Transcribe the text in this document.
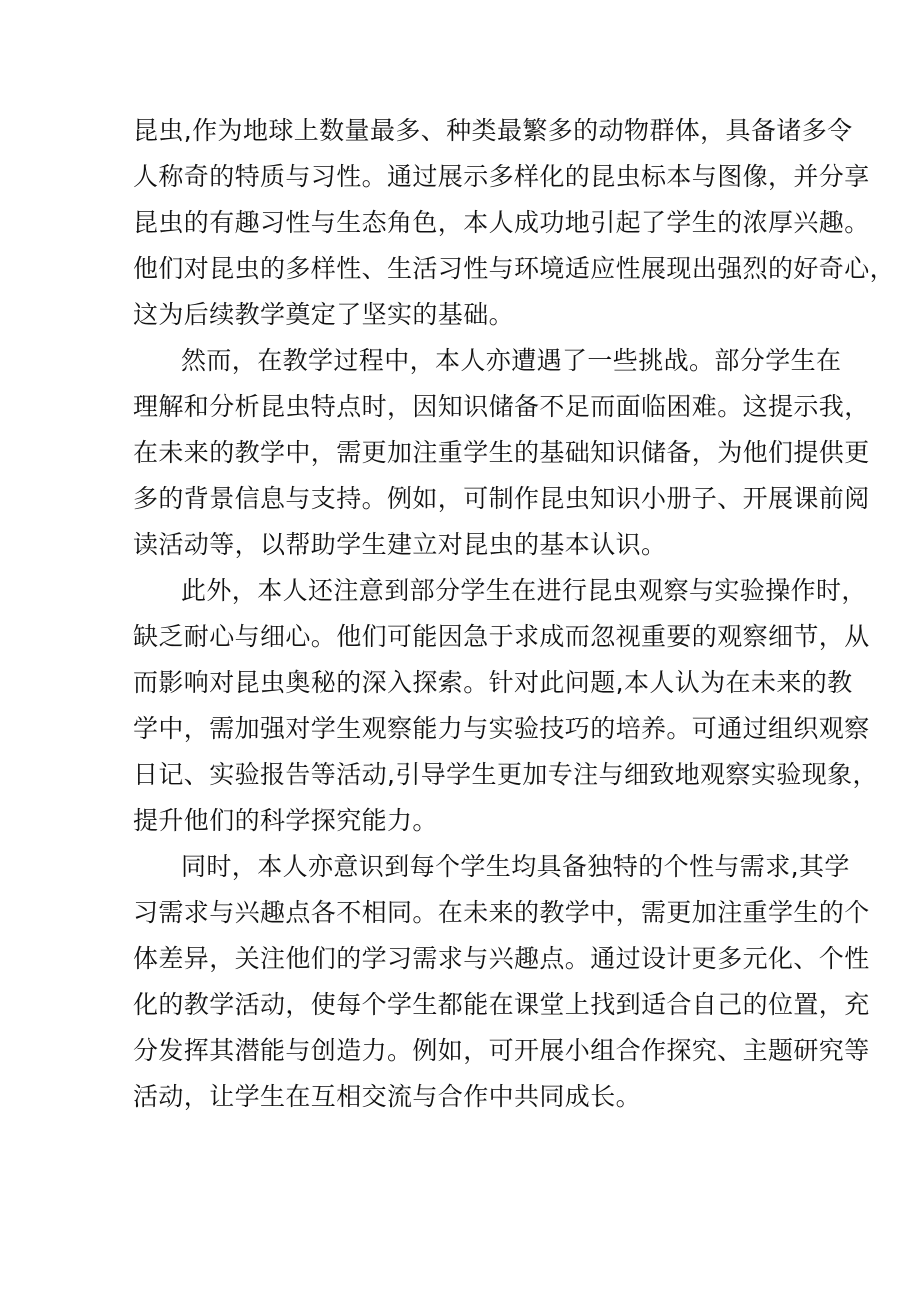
昆虫,作为地球上数量最多、种类最繁多的动物群体，具备诸多令
人称奇的特质与习性。通过展示多样化的昆虫标本与图像，并分享
昆虫的有趣习性与生态角色，本人成功地引起了学生的浓厚兴趣。
他们对昆虫的多样性、生活习性与环境适应性展现出强烈的好奇心，
这为后续教学奠定了坚实的基础。
然而，在教学过程中，本人亦遭遇了一些挑战。部分学生在
理解和分析昆虫特点时，因知识储备不足而面临困难。这提示我，
在未来的教学中，需更加注重学生的基础知识储备，为他们提供更
多的背景信息与支持。例如，可制作昆虫知识小册子、开展课前阅
读活动等，以帮助学生建立对昆虫的基本认识。
此外，本人还注意到部分学生在进行昆虫观察与实验操作时，
缺乏耐心与细心。他们可能因急于求成而忽视重要的观察细节，从
而影响对昆虫奥秘的深入探索。针对此问题,本人认为在未来的教
学中，需加强对学生观察能力与实验技巧的培养。可通过组织观察
日记、实验报告等活动,引导学生更加专注与细致地观察实验现象，
提升他们的科学探究能力。
同时，本人亦意识到每个学生均具备独特的个性与需求,其学
习需求与兴趣点各不相同。在未来的教学中，需更加注重学生的个
体差异，关注他们的学习需求与兴趣点。通过设计更多元化、个性
化的教学活动，使每个学生都能在课堂上找到适合自己的位置，充
分发挥其潜能与创造力。例如，可开展小组合作探究、主题研究等
活动，让学生在互相交流与合作中共同成长。
